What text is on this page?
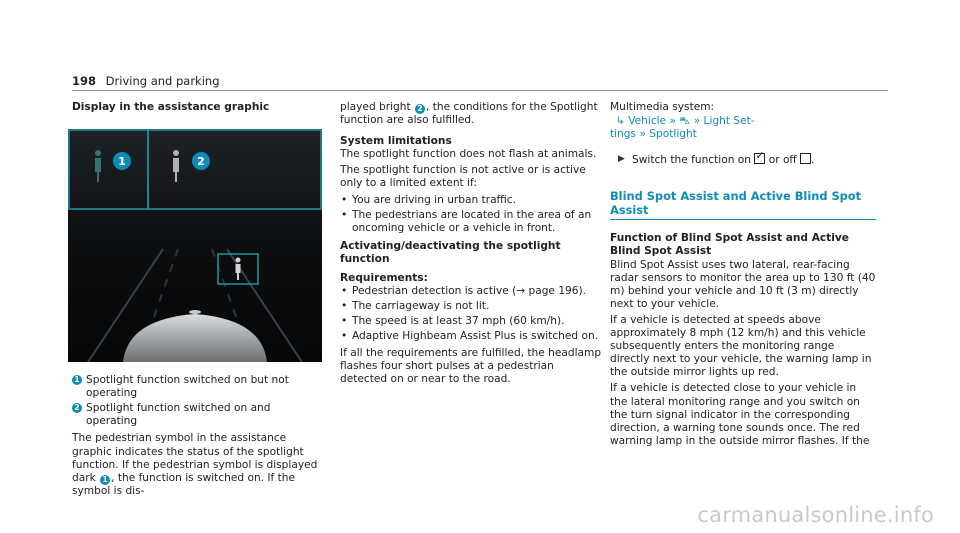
198 Driving and parking

Display in the assistance graphic

1	2
1 Spotlight function switched on but not operating
2 Spotlight function switched on and operating

The pedestrian symbol in the assistance graphic indicates the status of the spotlight function. If the pedestrian symbol is displayed dark 1 , the function is switched on. If the symbol is dis-

played bright 2 , the conditions for the Spotlight function are also fulfilled.

System limitations

The spotlight function does not flash at animals.

The spotlight function is not active or is active only to a limited extent if:

• You are driving in urban traffic.
• The pedestrians are located in the area of an oncoming vehicle or a vehicle in front.

Activating/deactivating the spotlight function

Requirements:

• Pedestrian detection is active (→ page 196).
• The carriageway is not lit.
• The speed is at least 37 mph (60 km/h).
• Adaptive Highbeam Assist Plus is switched on.

If all the requirements are fulfilled, the headlamp flashes four short pulses at a pedestrian detected on or near to the road.

Multimedia system:

↳ Vehicle » ⛍ » Light Set-
tings » Spotlight
▶ Switch the function on ✓ or off .
Blind Spot Assist and Active Blind Spot Assist

Function of Blind Spot Assist and Active Blind Spot Assist

Blind Spot Assist uses two lateral, rear-facing radar sensors to monitor the area up to 130 ft (40 m) behind your vehicle and 10 ft (3 m) directly next to your vehicle.

If a vehicle is detected at speeds above approximately 8 mph (12 km/h) and this vehicle subsequently enters the monitoring range directly next to your vehicle, the warning lamp in the outside mirror lights up red.

If a vehicle is detected close to your vehicle in the lateral monitoring range and you switch on the turn signal indicator in the corresponding direction, a warning tone sounds once. The red warning lamp in the outside mirror flashes. If the

carmanualsonline.info
